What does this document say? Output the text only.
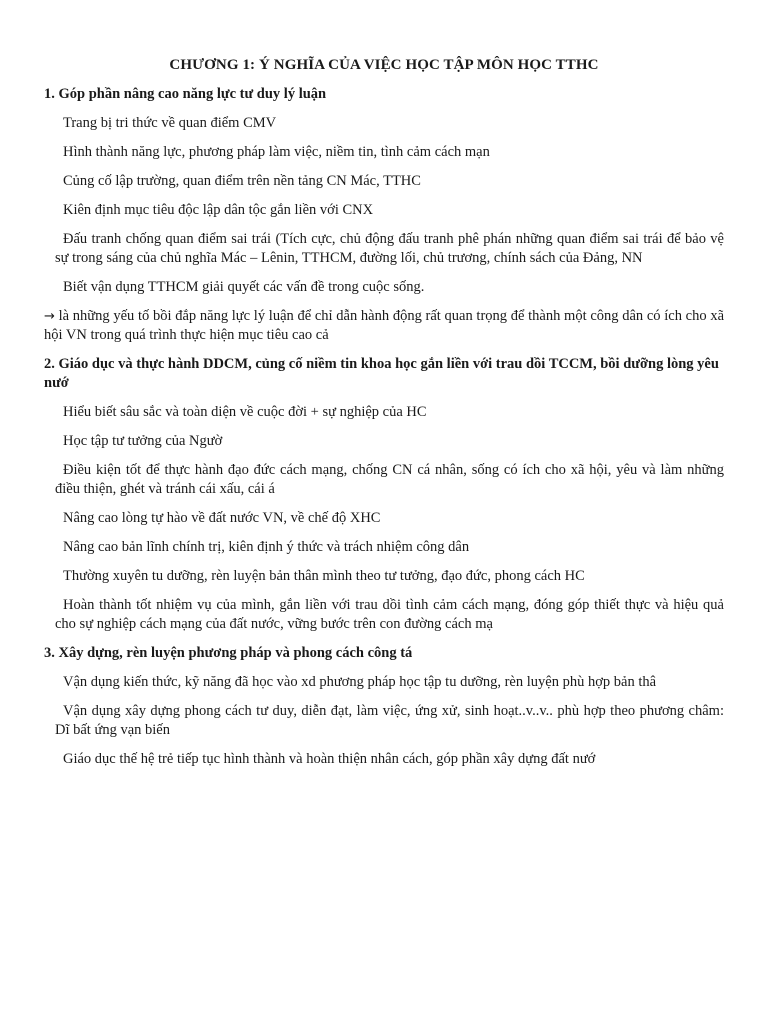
CHƯƠNG 1: Ý NGHĨA CỦA VIỆC HỌC TẬP MÔN HỌC TTHC
1. Góp phần nâng cao năng lực tư duy lý luận
Trang bị tri thức về quan điểm CMV
Hình thành năng lực, phương pháp làm việc, niềm tin, tình cảm cách mạn
Củng cố lập trường, quan điểm trên nền tảng CN Mác, TTHC
Kiên định mục tiêu độc lập dân tộc gắn liền với CNX
Đấu tranh chống quan điểm sai trái (Tích cực, chủ động đấu tranh phê phán những quan điểm sai trái để bảo vệ sự trong sáng của chủ nghĩa Mác – Lênin, TTHCM, đường lối, chủ trương, chính sách của Đảng, NN
Biết vận dụng TTHCM giải quyết các vấn đề trong cuộc sống.
→ là những yếu tố bồi đắp năng lực lý luận để chỉ dẫn hành động rất quan trọng để thành một công dân có ích cho xã hội VN trong quá trình thực hiện mục tiêu cao cả
2. Giáo dục và thực hành DDCM, củng cố niềm tin khoa học gắn liền với trau dồi TCCM, bồi dưỡng lòng yêu nướ
Hiểu biết sâu sắc và toàn diện về cuộc đời + sự nghiệp của HC
Học tập tư tưởng của Ngườ
Điều kiện tốt để thực hành đạo đức cách mạng, chống CN cá nhân, sống có ích cho xã hội, yêu và làm những điều thiện, ghét và tránh cái xấu, cái á
Nâng cao lòng tự hào về đất nước VN, về chế độ XHC
Nâng cao bản lĩnh chính trị, kiên định ý thức và trách nhiệm công dân
Thường xuyên tu dưỡng, rèn luyện bản thân mình theo tư tưởng, đạo đức, phong cách HC
Hoàn thành tốt nhiệm vụ của mình, gắn liền với trau dồi tình cảm cách mạng, đóng góp thiết thực và hiệu quả cho sự nghiệp cách mạng của đất nước, vững bước trên con đường cách mạ
3. Xây dựng, rèn luyện phương pháp và phong cách công tá
Vận dụng kiến thức, kỹ năng đã học vào xd phương pháp học tập tu dưỡng, rèn luyện phù hợp bản thâ
Vận dụng xây dựng phong cách tư duy, diễn đạt, làm việc, ứng xử, sinh hoạt..v..v.. phù hợp theo phương châm: Dĩ bất ứng vạn biến
Giáo dục thế hệ trẻ tiếp tục hình thành và hoàn thiện nhân cách, góp phần xây dựng đất nướ
